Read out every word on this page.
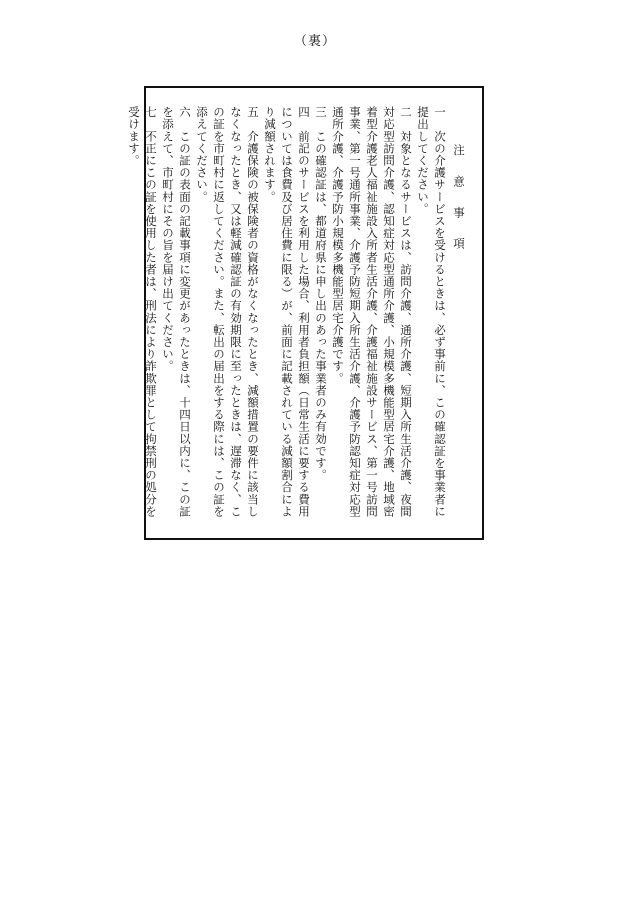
（裏）
注 意 事 項
一　次の介護サービスを受けるときは、必ず事前に、この確認証を事業者に提出してください。
二　対象となるサービスは、訪問介護、通所介護、短期入所生活介護、夜間対応型訪問介護、認知症対応型通所介護、小規模多機能型居宅介護、地域密着型介護老人福祉施設入所者生活介護、介護福祉施設サービス、第一号訪問事業、第一号通所事業、介護予防短期入所生活介護、介護予防認知症対応型通所介護、介護予防小規模多機能型居宅介護です。
三　この確認証は、都道府県に申し出のあった事業者のみ有効です。
四　前記のサービスを利用した場合、利用者負担額（日常生活に要する費用については食費及び居住費に限る）が、前面に記載されている減額割合により減額されます。
五　介護保険の被保険者の資格がなくなったとき、減額措置の要件に該当しなくなったとき、又は軽減確認証の有効期限に至ったときは、遅滞なく、この証を市町村に返してください。また、転出の届出をする際には、この証を添えてください。
六　この証の表面の記載事項に変更があったときは、十四日以内に、この証を添えて、市町村にその旨を届け出てください。
七　不正にこの証を使用した者は、刑法により詐欺罪として拘禁刑の処分を受けます。
